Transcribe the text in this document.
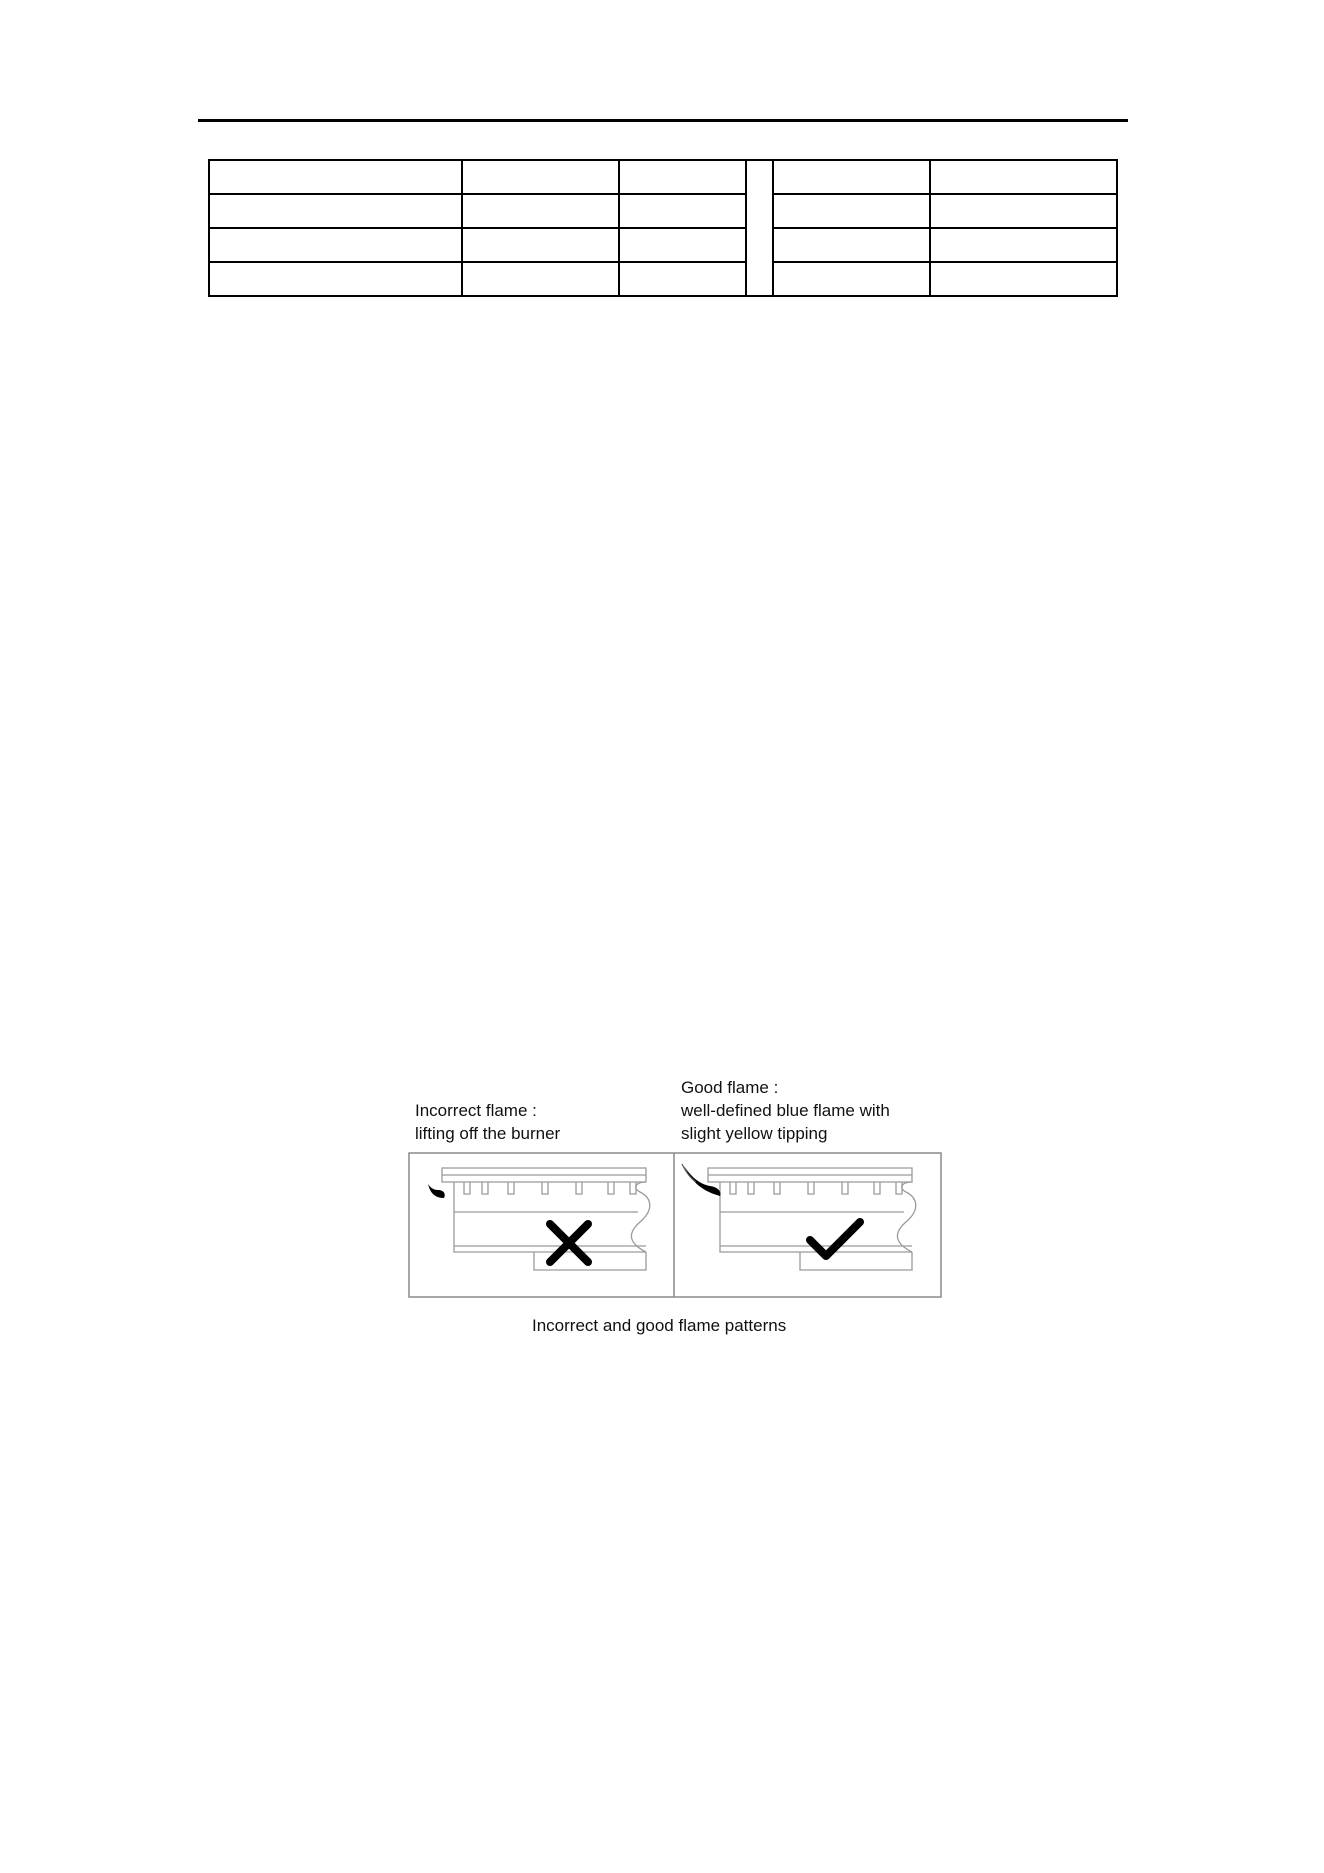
Incorrect flame :
lifting off the burner
Good flame :
well-defined blue flame with
slight yellow tipping
Incorrect and good flame patterns
